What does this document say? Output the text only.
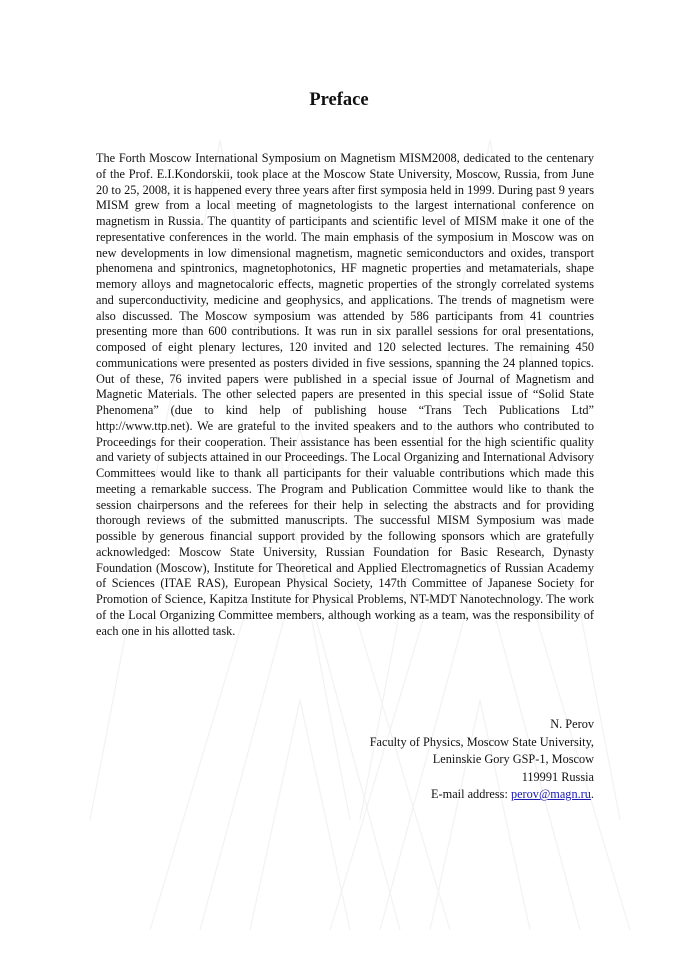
Preface

The Forth Moscow International Symposium on Magnetism MISM2008, dedicated to the centenary of the Prof. E.I.Kondorskii, took place at the Moscow State University, Moscow, Russia, from June 20 to 25, 2008, it is happened every three years after first symposia held in 1999. During past 9 years MISM grew from a local meeting of magnetologists to the largest international conference on magnetism in Russia. The quantity of participants and scientific level of MISM make it one of the representative conferences in the world. The main emphasis of the symposium in Moscow was on new developments in low dimensional magnetism, magnetic semiconductors and oxides, transport phenomena and spintronics, magnetophotonics, HF magnetic properties and metamaterials, shape memory alloys and magnetocaloric effects, magnetic properties of the strongly correlated systems and superconductivity, medicine and geophysics, and applications. The trends of magnetism were also discussed. The Moscow symposium was attended by 586 participants from 41 countries presenting more than 600 contributions. It was run in six parallel sessions for oral presentations, composed of eight plenary lectures, 120 invited and 120 selected lectures. The remaining 450 communications were presented as posters divided in five sessions, spanning the 24 planned topics. Out of these, 76 invited papers were published in a special issue of Journal of Magnetism and Magnetic Materials. The other selected papers are presented in this special issue of “Solid State Phenomena” (due to kind help of publishing house “Trans Tech Publications Ltd” http://www.ttp.net). We are grateful to the invited speakers and to the authors who contributed to Proceedings for their cooperation. Their assistance has been essential for the high scientific quality and variety of subjects attained in our Proceedings. The Local Organizing and International Advisory Committees would like to thank all participants for their valuable contributions which made this meeting a remarkable success. The Program and Publication Committee would like to thank the session chairpersons and the referees for their help in selecting the abstracts and for providing thorough reviews of the submitted manuscripts. The successful MISM Symposium was made possible by generous financial support provided by the following sponsors which are gratefully acknowledged: Moscow State University, Russian Foundation for Basic Research, Dynasty Foundation (Moscow), Institute for Theoretical and Applied Electromagnetics of Russian Academy of Sciences (ITAE RAS), European Physical Society, 147th Committee of Japanese Society for Promotion of Science, Kapitza Institute for Physical Problems, NT-MDT Nanotechnology. The work of the Local Organizing Committee members, although working as a team, was the responsibility of each one in his allotted task.

N. Perov
Faculty of Physics, Moscow State University,
Leninskie Gory GSP-1, Moscow
119991 Russia
E-mail address: perov@magn.ru.
